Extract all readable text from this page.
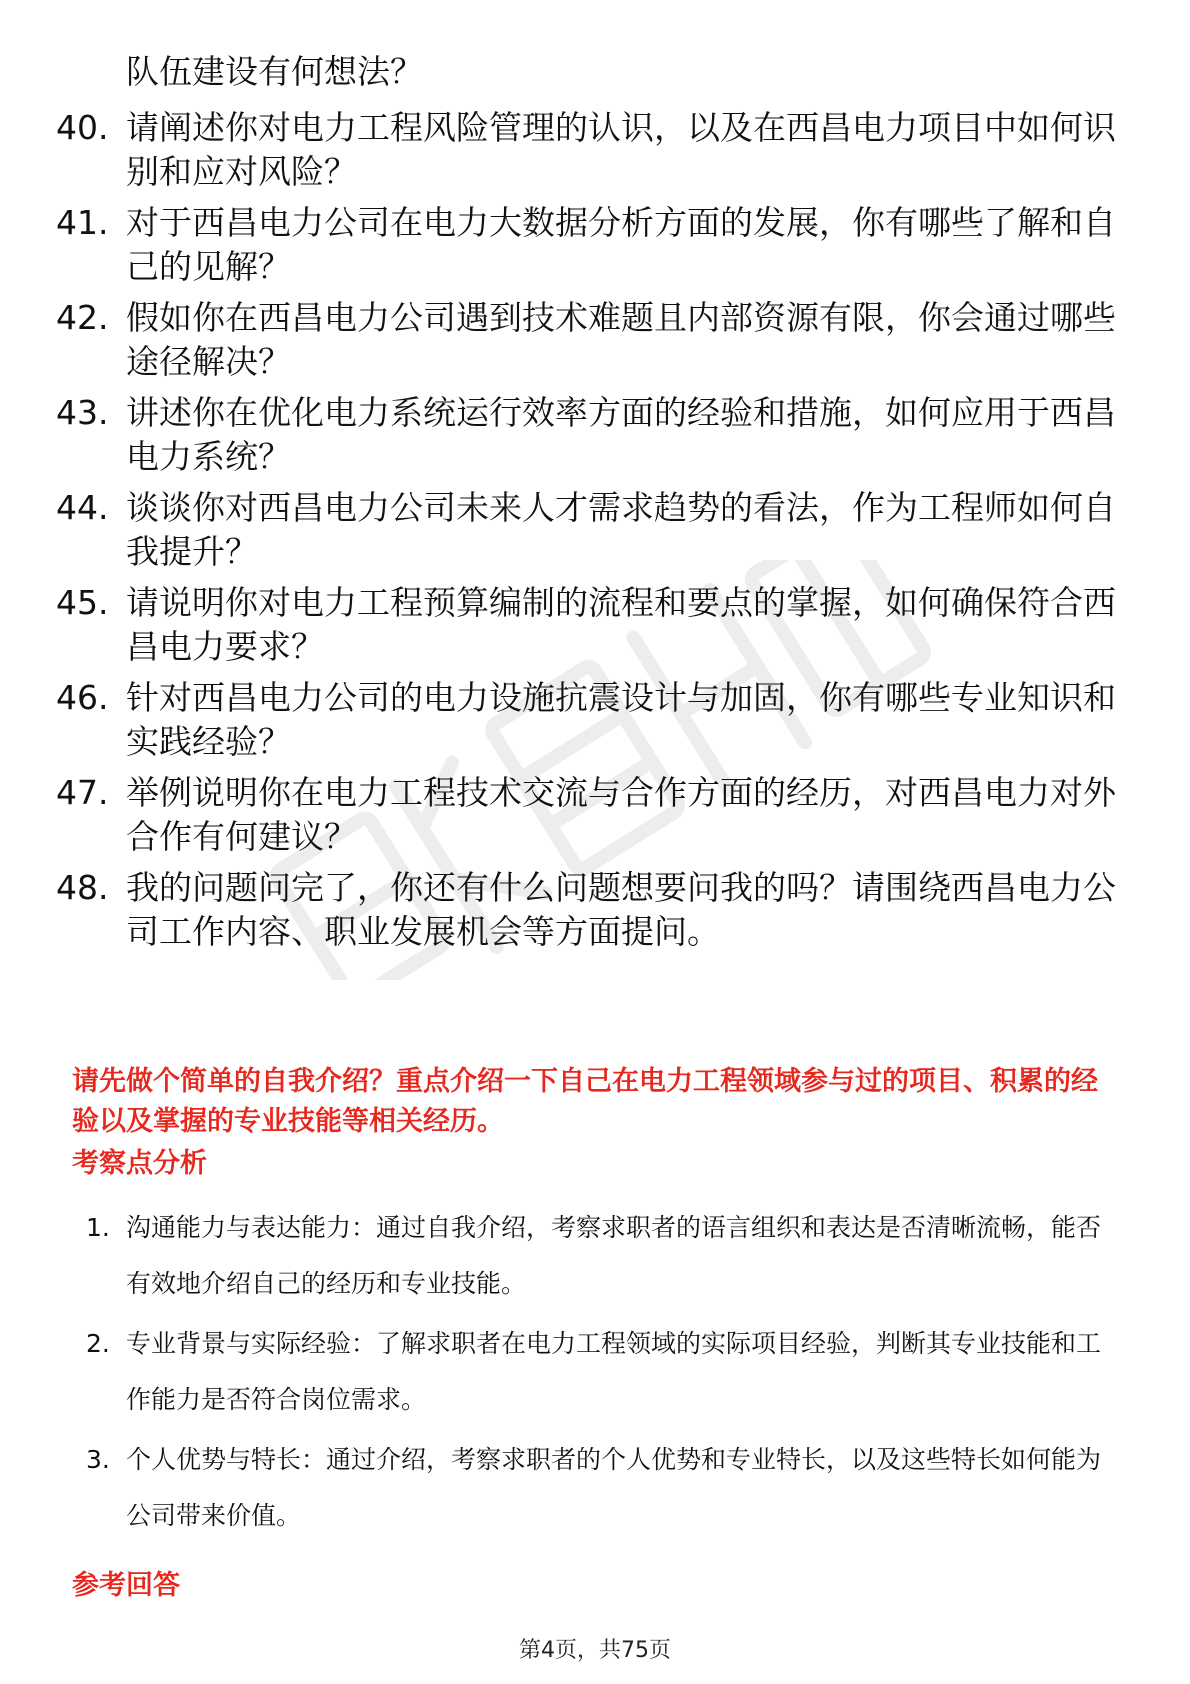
队伍建设有何想法？

40. 请阐述你对电力工程风险管理的认识，以及在西昌电力项目中如何识别和应对风险？
41. 对于西昌电力公司在电力大数据分析方面的发展，你有哪些了解和自己的见解？
42. 假如你在西昌电力公司遇到技术难题且内部资源有限，你会通过哪些途径解决？
43. 讲述你在优化电力系统运行效率方面的经验和措施，如何应用于西昌电力系统？
44. 谈谈你对西昌电力公司未来人才需求趋势的看法，作为工程师如何自我提升？
45. 请说明你对电力工程预算编制的流程和要点的掌握，如何确保符合西昌电力要求？
46. 针对西昌电力公司的电力设施抗震设计与加固，你有哪些专业知识和实践经验？
47. 举例说明你在电力工程技术交流与合作方面的经历，对西昌电力对外合作有何建议？
48. 我的问题问完了，你还有什么问题想要问我的吗？请围绕西昌电力公司工作内容、职业发展机会等方面提问。

请先做个简单的自我介绍？重点介绍一下自己在电力工程领域参与过的项目、积累的经验以及掌握的专业技能等相关经历。

考察点分析

1. 沟通能力与表达能力：通过自我介绍，考察求职者的语言组织和表达是否清晰流畅，能否有效地介绍自己的经历和专业技能。
2. 专业背景与实际经验：了解求职者在电力工程领域的实际项目经验，判断其专业技能和工作能力是否符合岗位需求。
3. 个人优势与特长：通过介绍，考察求职者的个人优势和专业特长，以及这些特长如何能为公司带来价值。

参考回答

第4页，共75页
